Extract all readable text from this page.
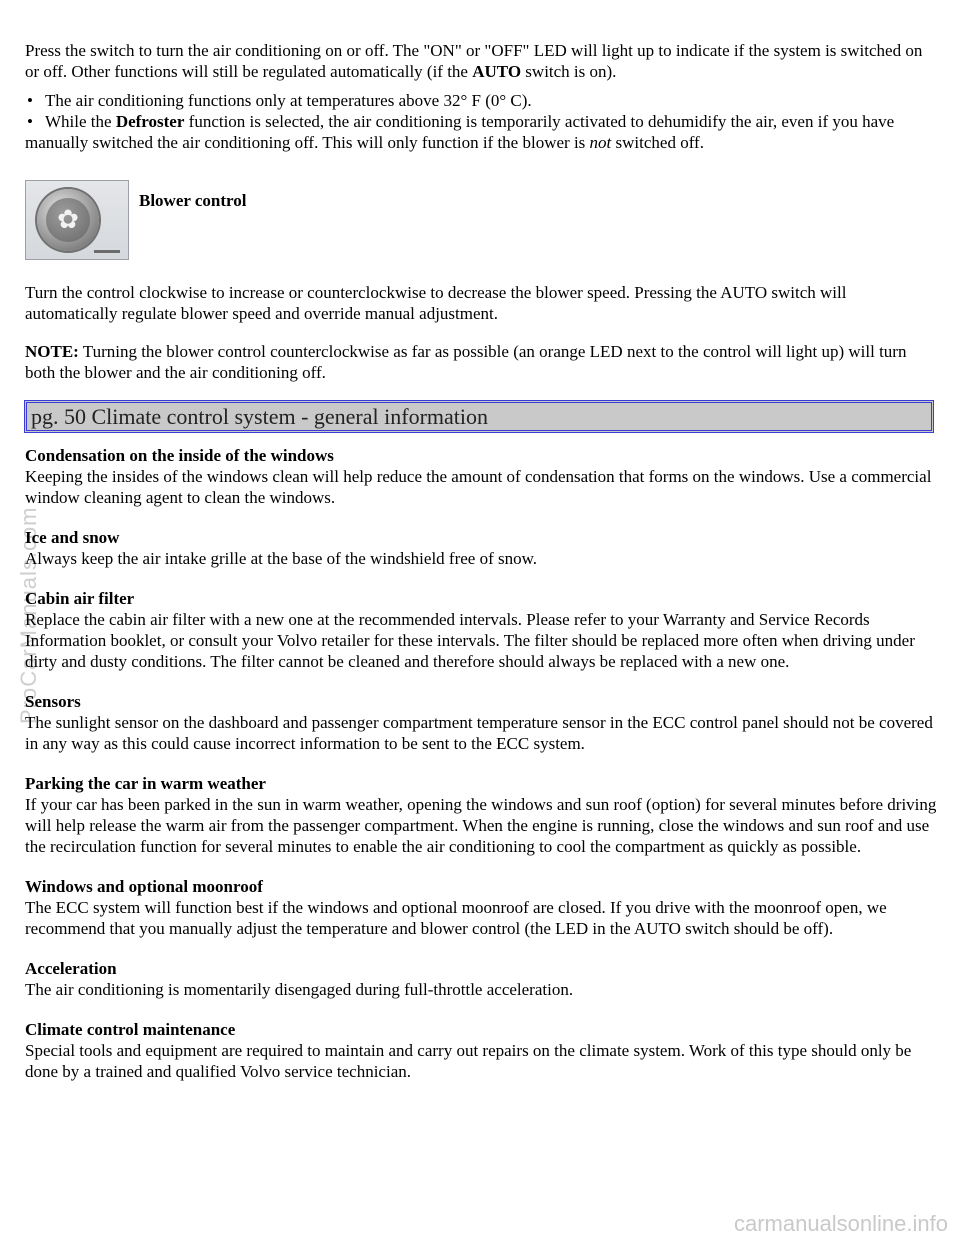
ProCarManuals.com

Press the switch to turn the air conditioning on or off. The "ON" or "OFF" LED will light up to indicate if the system is switched on or off. Other functions will still be regulated automatically (if the AUTO switch is on).

• The air conditioning functions only at temperatures above 32° F (0° C).
• While the Defroster function is selected, the air conditioning is temporarily activated to dehumidify the air, even if you have manually switched the air conditioning off. This will only function if the blower is not switched off.
✿
Blower control

Turn the control clockwise to increase or counterclockwise to decrease the blower speed. Pressing the AUTO switch will automatically regulate blower speed and override manual adjustment.

NOTE: Turning the blower control counterclockwise as far as possible (an orange LED next to the control will light up) will turn both the blower and the air conditioning off.

pg. 50 Climate control system - general information
Condensation on the inside of the windows

Keeping the insides of the windows clean will help reduce the amount of condensation that forms on the windows. Use a commercial window cleaning agent to clean the windows.

Ice and snow

Always keep the air intake grille at the base of the windshield free of snow.

Cabin air filter

Replace the cabin air filter with a new one at the recommended intervals. Please refer to your Warranty and Service Records Information booklet, or consult your Volvo retailer for these intervals. The filter should be replaced more often when driving under dirty and dusty conditions. The filter cannot be cleaned and therefore should always be replaced with a new one.

Sensors

The sunlight sensor on the dashboard and passenger compartment temperature sensor in the ECC control panel should not be covered in any way as this could cause incorrect information to be sent to the ECC system.

Parking the car in warm weather

If your car has been parked in the sun in warm weather, opening the windows and sun roof (option) for several minutes before driving will help release the warm air from the passenger compartment. When the engine is running, close the windows and sun roof and use the recirculation function for several minutes to enable the air conditioning to cool the compartment as quickly as possible.

Windows and optional moonroof

The ECC system will function best if the windows and optional moonroof are closed. If you drive with the moonroof open, we recommend that you manually adjust the temperature and blower control (the LED in the AUTO switch should be off).

Acceleration

The air conditioning is momentarily disengaged during full-throttle acceleration.

Climate control maintenance

Special tools and equipment are required to maintain and carry out repairs on the climate system. Work of this type should only be done by a trained and qualified Volvo service technician.

carmanualsonline.info
